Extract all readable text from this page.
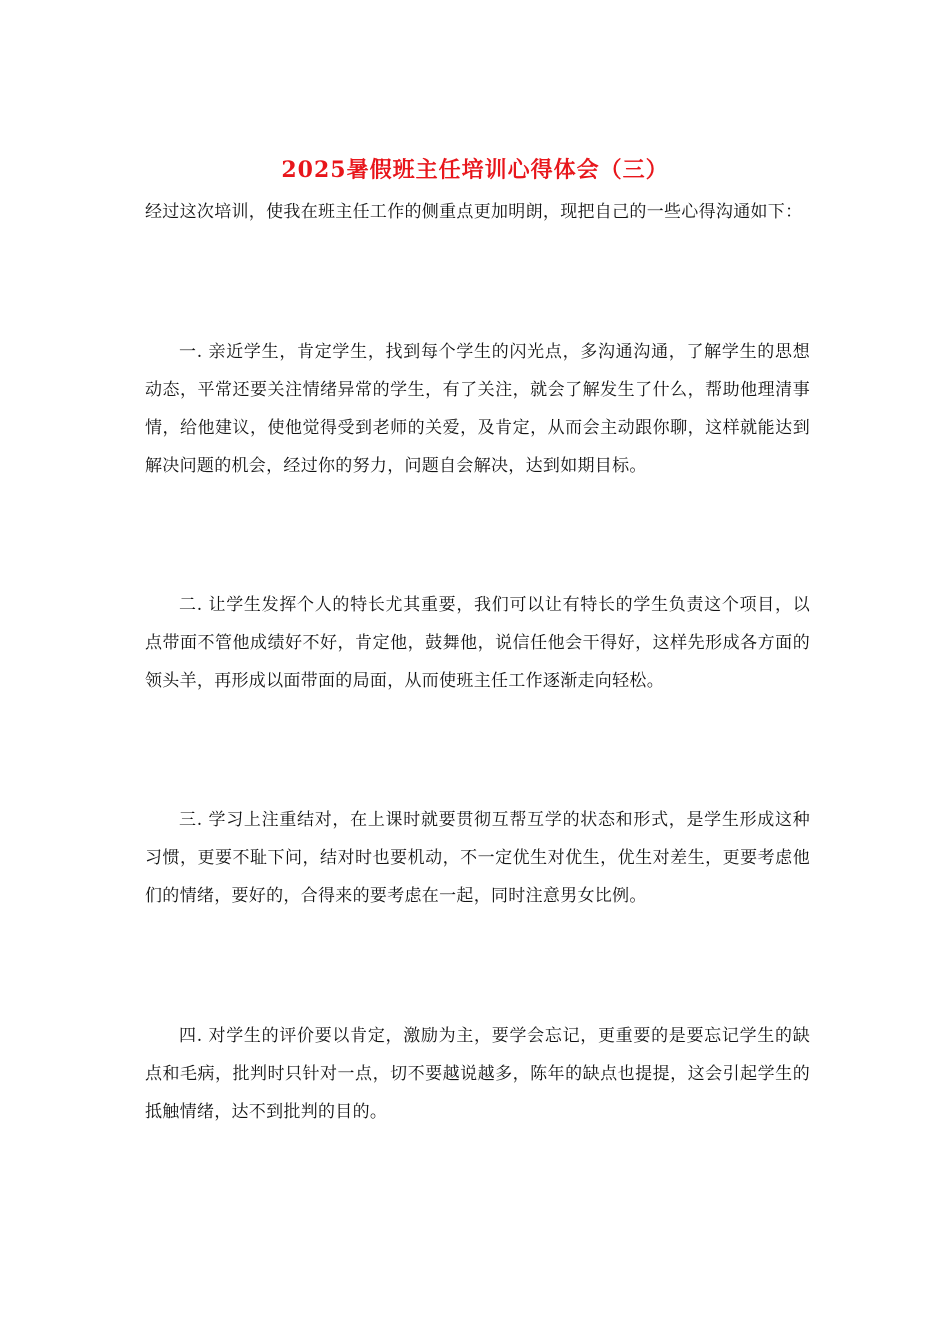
2025暑假班主任培训心得体会（三）

经过这次培训，使我在班主任工作的侧重点更加明朗，现把自己的一些心得沟通如下：

一. 亲近学生，肯定学生，找到每个学生的闪光点，多沟通沟通，了解学生的思想动态，平常还要关注情绪异常的学生，有了关注，就会了解发生了什么，帮助他理清事情，给他建议，使他觉得受到老师的关爱，及肯定，从而会主动跟你聊，这样就能达到解决问题的机会，经过你的努力，问题自会解决，达到如期目标。

二. 让学生发挥个人的特长尤其重要，我们可以让有特长的学生负责这个项目，以点带面不管他成绩好不好，肯定他，鼓舞他，说信任他会干得好，这样先形成各方面的领头羊，再形成以面带面的局面，从而使班主任工作逐渐走向轻松。

三. 学习上注重结对，在上课时就要贯彻互帮互学的状态和形式，是学生形成这种习惯，更要不耻下问，结对时也要机动，不一定优生对优生，优生对差生，更要考虑他们的情绪，要好的，合得来的要考虑在一起，同时注意男女比例。

四. 对学生的评价要以肯定，激励为主，要学会忘记，更重要的是要忘记学生的缺点和毛病，批判时只针对一点，切不要越说越多，陈年的缺点也提提，这会引起学生的抵触情绪，达不到批判的目的。
